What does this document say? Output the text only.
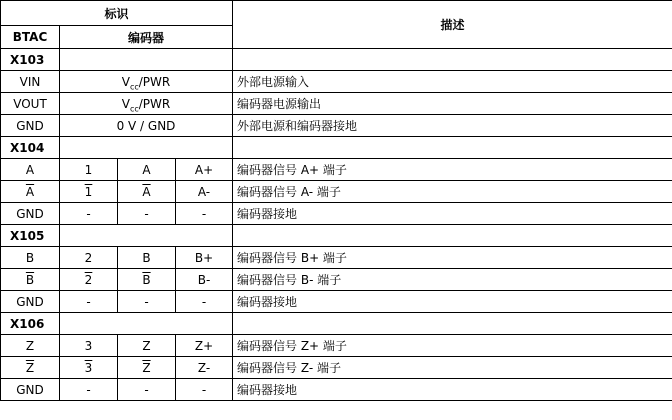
标识				描述
BTAC	编码器			
X103				
VIN	$V_{cc}$/PWR			外部电源输入
VOUT	$V_{cc}$/PWR			编码器电源输出
GND	0 V / GND			外部电源和编码器接地
X104				
A	1	A	A+	编码器信号 A+ 端子
$\overline{A}$	1	$\overline{A}$	A-	编码器信号 A- 端子
GND	-	-	-	编码器接地
X105				
B	2	B	B+	编码器信号 B+ 端子
$\overline{B}$	2	$\overline{B}$	B-	编码器信号 B- 端子
GND	-	-	-	编码器接地
X106				
Z	3	Z	Z+	编码器信号 Z+ 端子
$\overline{Z}$	3	$\overline{Z}$	Z-	编码器信号 Z- 端子
GND	-	-	-	编码器接地
